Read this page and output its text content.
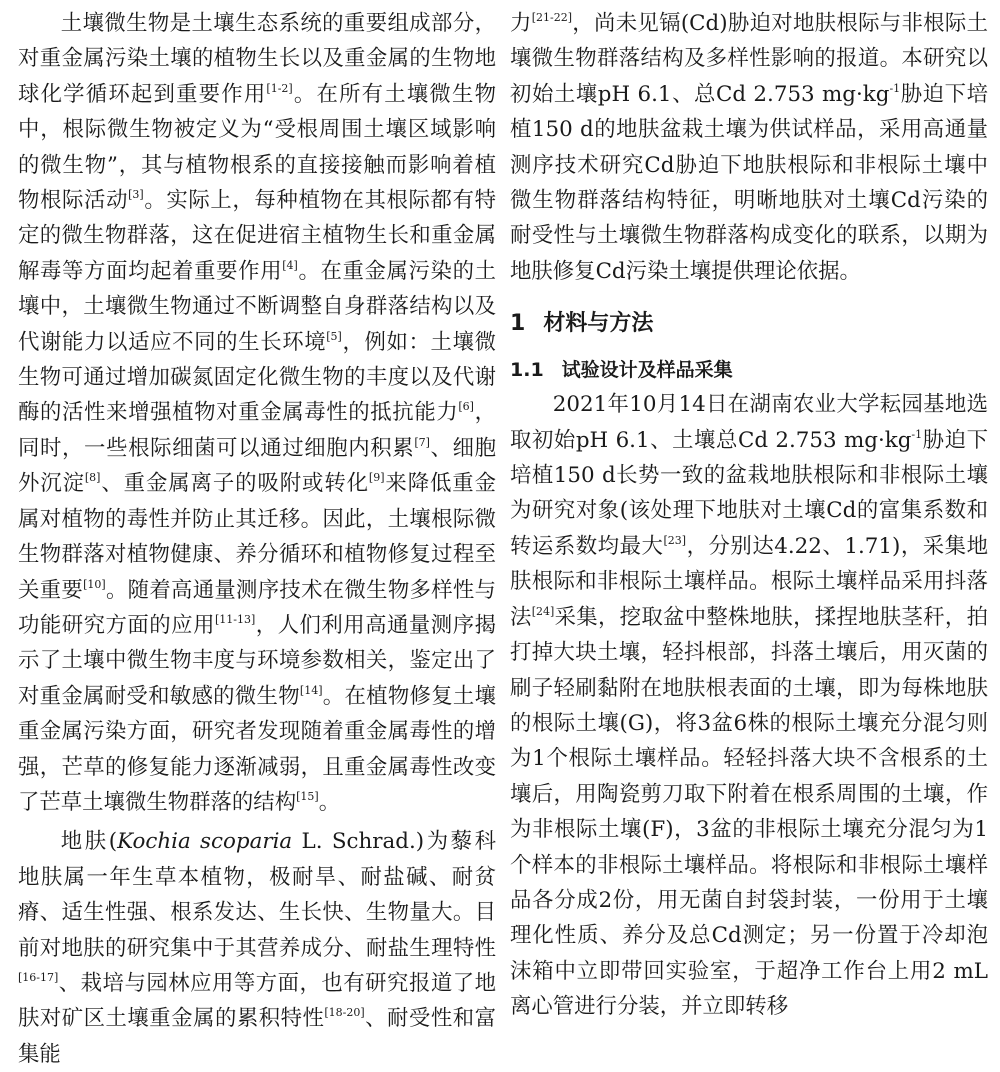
土壤微生物是土壤生态系统的重要组成部分，对重金属污染土壤的植物生长以及重金属的生物地球化学循环起到重要作用[1-2]。在所有土壤微生物中，根际微生物被定义为“受根周围土壤区域影响的微生物”，其与植物根系的直接接触而影响着植物根际活动[3]。实际上，每种植物在其根际都有特定的微生物群落，这在促进宿主植物生长和重金属解毒等方面均起着重要作用[4]。在重金属污染的土壤中，土壤微生物通过不断调整自身群落结构以及代谢能力以适应不同的生长环境[5]，例如：土壤微生物可通过增加碳氮固定化微生物的丰度以及代谢酶的活性来增强植物对重金属毒性的抵抗能力[6]，同时，一些根际细菌可以通过细胞内积累[7]、细胞外沉淀[8]、重金属离子的吸附或转化[9]来降低重金属对植物的毒性并防止其迁移。因此，土壤根际微生物群落对植物健康、养分循环和植物修复过程至关重要[10]。随着高通量测序技术在微生物多样性与功能研究方面的应用[11-13]，人们利用高通量测序揭示了土壤中微生物丰度与环境参数相关，鉴定出了对重金属耐受和敏感的微生物[14]。在植物修复土壤重金属污染方面，研究者发现随着重金属毒性的增强，芒草的修复能力逐渐减弱，且重金属毒性改变了芒草土壤微生物群落的结构[15]。

地肤(Kochia scoparia L. Schrad.)为藜科地肤属一年生草本植物，极耐旱、耐盐碱、耐贫瘠、适生性强、根系发达、生长快、生物量大。目前对地肤的研究集中于其营养成分、耐盐生理特性[16-17]、栽培与园林应用等方面，也有研究报道了地肤对矿区土壤重金属的累积特性[18-20]、耐受性和富集能

力[21-22]，尚未见镉(Cd)胁迫对地肤根际与非根际土壤微生物群落结构及多样性影响的报道。本研究以初始土壤pH 6.1、总Cd 2.753 $mg\cdot kg^{-1}$胁迫下培植150 d的地肤盆栽土壤为供试样品，采用高通量测序技术研究Cd胁迫下地肤根际和非根际土壤中微生物群落结构特征，明晰地肤对土壤Cd污染的耐受性与土壤微生物群落构成变化的联系，以期为地肤修复Cd污染土壤提供理论依据。

1 材料与方法
1.1 试验设计及样品采集

2021年10月14日在湖南农业大学耘园基地选取初始pH 6.1、土壤总Cd 2.753 $mg\cdot kg^{-1}$胁迫下培植150 d长势一致的盆栽地肤根际和非根际土壤为研究对象(该处理下地肤对土壤Cd的富集系数和转运系数均最大[23]，分别达4.22、1.71)，采集地肤根际和非根际土壤样品。根际土壤样品采用抖落法[24]采集，挖取盆中整株地肤，揉捏地肤茎秆，拍打掉大块土壤，轻抖根部，抖落土壤后，用灭菌的刷子轻刷黏附在地肤根表面的土壤，即为每株地肤的根际土壤(G)，将3盆6株的根际土壤充分混匀则为1个根际土壤样品。轻轻抖落大块不含根系的土壤后，用陶瓷剪刀取下附着在根系周围的土壤，作为非根际土壤(F)，3盆的非根际土壤充分混匀为1个样本的非根际土壤样品。将根际和非根际土壤样品各分成2份，用无菌自封袋封装，一份用于土壤理化性质、养分及总Cd测定；另一份置于冷却泡沫箱中立即带回实验室，于超净工作台上用2 mL离心管进行分装，并立即转移
